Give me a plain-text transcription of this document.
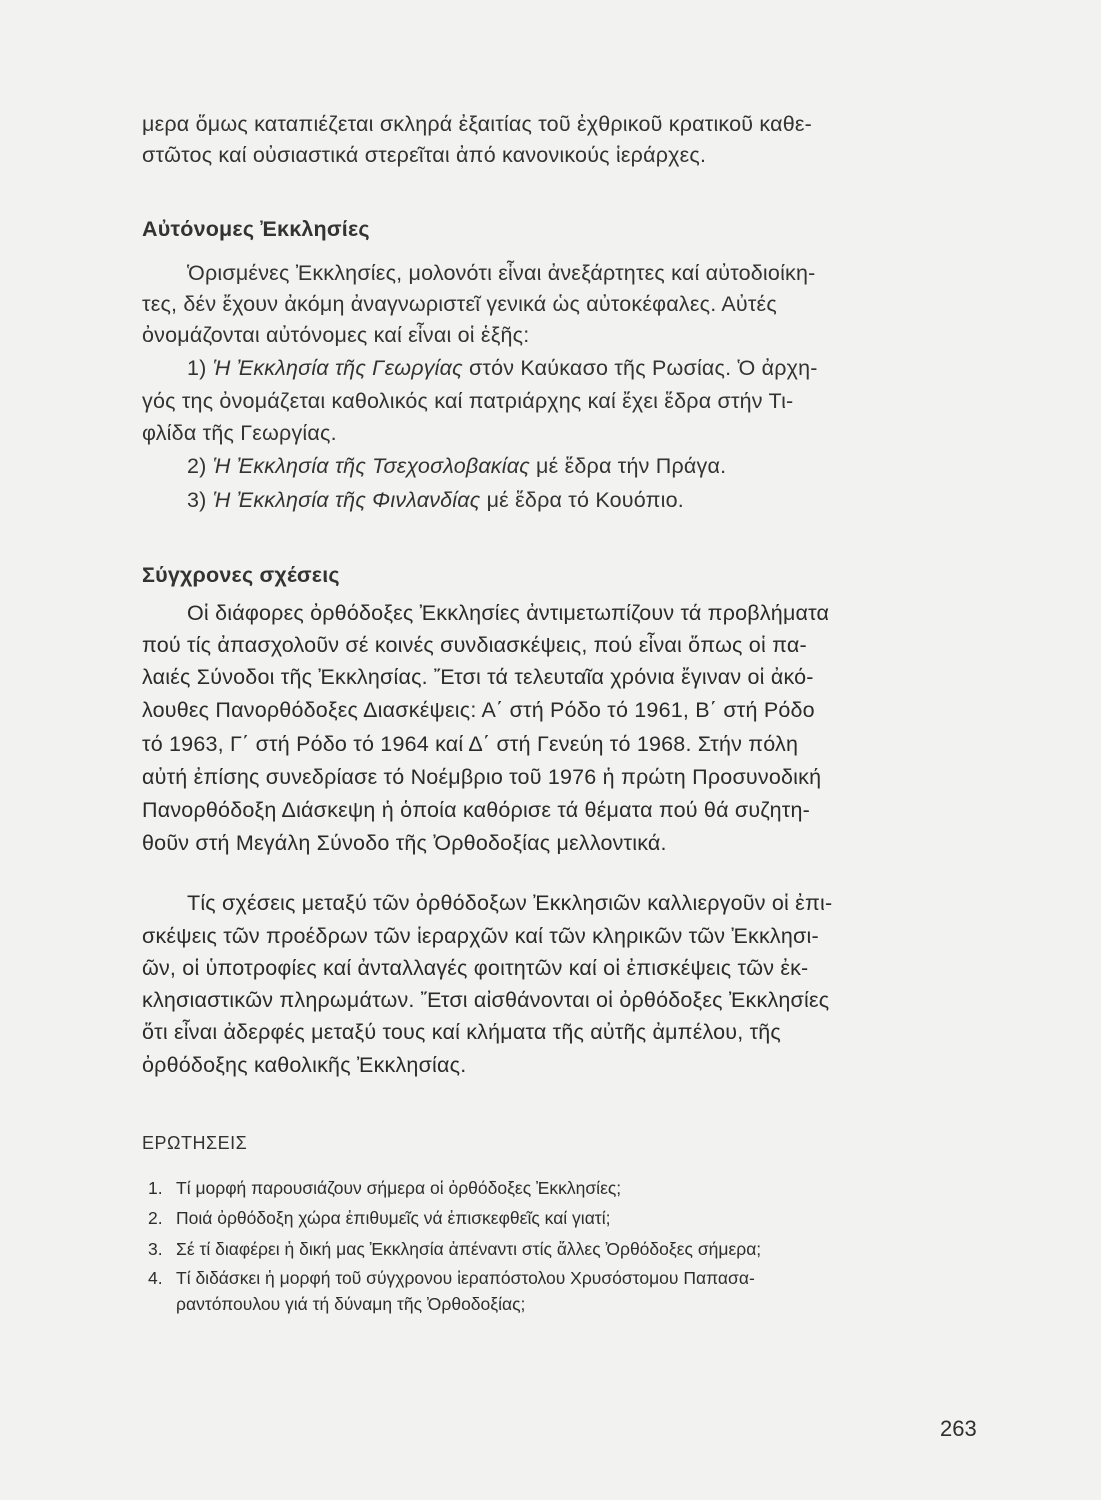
μερα ὅμως καταπιέζεται σκληρά ἐξαιτίας τοῦ ἐχθρικοῦ κρατικοῦ καθε-
στῶτος καί οὐσιαστικά στερεῖται ἀπό κανονικούς ἱεράρχες.
Αὐτόνομες Ἐκκλησίες
Ὁρισμένες Ἐκκλησίες, μολονότι εἶναι ἀνεξάρτητες καί αὐτοδιοίκη-
τες, δέν ἔχουν ἀκόμη ἀναγνωριστεῖ γενικά ὡς αὐτοκέφαλες. Αὐτές
ὀνομάζονται αὐτόνομες καί εἶναι οἱ ἑξῆς:
1) Ἡ Ἐκκλησία τῆς Γεωργίας στόν Καύκασο τῆς Ρωσίας. Ὁ ἀρχη-
γός της ὀνομάζεται καθολικός καί πατριάρχης καί ἔχει ἕδρα στήν Τι-
φλίδα τῆς Γεωργίας.
2) Ἡ Ἐκκλησία τῆς Τσεχοσλοβακίας μέ ἕδρα τήν Πράγα.
3) Ἡ Ἐκκλησία τῆς Φινλανδίας μέ ἕδρα τό Κουόπιο.
Σύγχρονες σχέσεις
Οἱ διάφορες ὀρθόδοξες Ἐκκλησίες ἀντιμετωπίζουν τά προβλήματα
πού τίς ἀπασχολοῦν σέ κοινές συνδιασκέψεις, πού εἶναι ὅπως οἱ πα-
λαιές Σύνοδοι τῆς Ἐκκλησίας. Ἔτσι τά τελευταῖα χρόνια ἔγιναν οἱ ἀκό-
λουθες Πανορθόδοξες Διασκέψεις: Α΄ στή Ρόδο τό 1961, Β΄ στή Ρόδο
τό 1963, Γ΄ στή Ρόδο τό 1964 καί Δ΄ στή Γενεύη τό 1968. Στήν πόλη
αὐτή ἐπίσης συνεδρίασε τό Νοέμβριο τοῦ 1976 ἡ πρώτη Προσυνοδική
Πανορθόδοξη Διάσκεψη ἡ ὁποία καθόρισε τά θέματα πού θά συζητη-
θοῦν στή Μεγάλη Σύνοδο τῆς Ὀρθοδοξίας μελλοντικά.
Τίς σχέσεις μεταξύ τῶν ὀρθόδοξων Ἐκκλησιῶν καλλιεργοῦν οἱ ἐπι-
σκέψεις τῶν προέδρων τῶν ἱεραρχῶν καί τῶν κληρικῶν τῶν Ἐκκλησι-
ῶν, οἱ ὑποτροφίες καί ἀνταλλαγές φοιτητῶν καί οἱ ἐπισκέψεις τῶν ἐκ-
κλησιαστικῶν πληρωμάτων. Ἔτσι αἰσθάνονται οἱ ὀρθόδοξες Ἐκκλησίες
ὅτι εἶναι ἀδερφές μεταξύ τους καί κλήματα τῆς αὐτῆς ἀμπέλου, τῆς
ὀρθόδοξης καθολικῆς Ἐκκλησίας.
ΕΡΩΤΗΣΕΙΣ
1. Τί μορφή παρουσιάζουν σήμερα οἱ ὀρθόδοξες Ἐκκλησίες;
2. Ποιά ὀρθόδοξη χώρα ἐπιθυμεῖς νά ἐπισκεφθεῖς καί γιατί;
3. Σέ τί διαφέρει ἡ δική μας Ἐκκλησία ἀπέναντι στίς ἄλλες Ὀρθόδοξες σήμερα;
4. Τί διδάσκει ἡ μορφή τοῦ σύγχρονου ἱεραπόστολου Χρυσόστομου Παπασα-
ραντόπουλου γιά τή δύναμη τῆς Ὀρθοδοξίας;
263
